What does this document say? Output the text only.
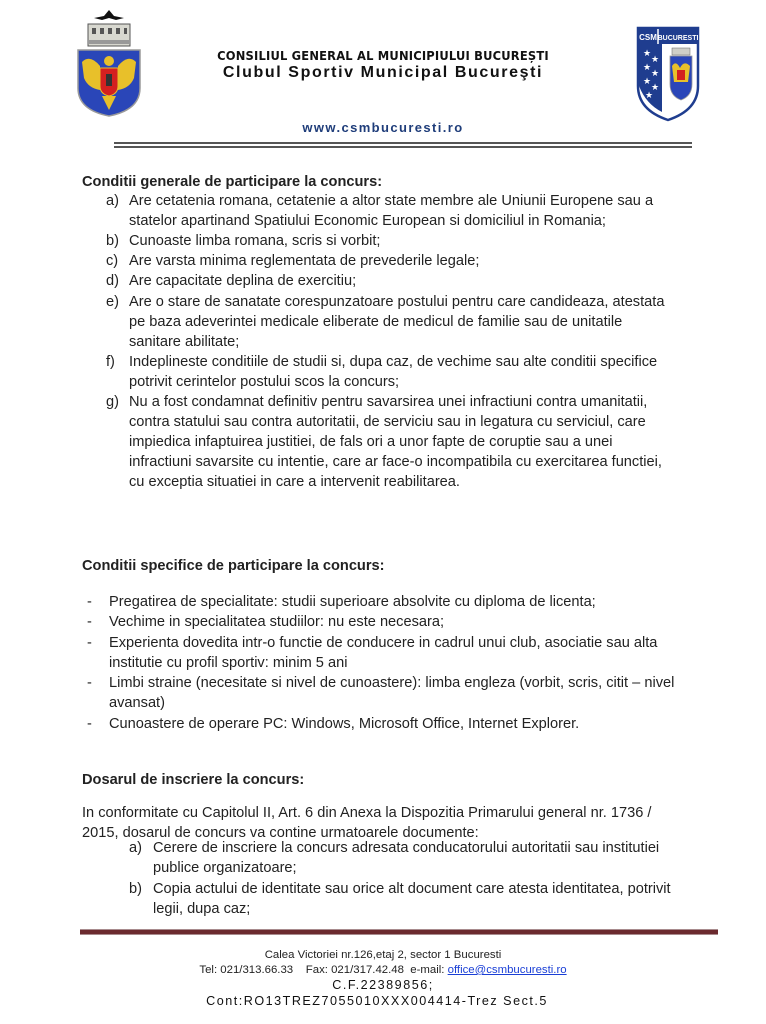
CONSILIUL GENERAL AL MUNICIPIULUI BUCUREȘTI
Clubul Sportiv Municipal Bucureşti
www.csmbucuresti.ro
CSM BUCURESTI
★
★
★
★
★
★
★
Conditii generale de participare la concurs:
a) Are cetatenia romana, cetatenie a altor state membre ale Uniunii Europene sau a
statelor apartinand Spatiului Economic European si domiciliul in Romania;
b) Cunoaste limba romana, scris si vorbit;
c) Are varsta minima reglementata de prevederile legale;
d) Are capacitate deplina de exercitiu;
e) Are o stare de sanatate corespunzatoare postului pentru care candideaza, atestata
pe baza adeverintei medicale eliberate de medicul de familie sau de unitatile
sanitare abilitate;
f) Indeplineste conditiile de studii si, dupa caz, de vechime sau alte conditii specifice
potrivit cerintelor postului scos la concurs;
g) Nu a fost condamnat definitiv pentru savarsirea unei infractiuni contra umanitatii,
contra statului sau contra autoritatii, de serviciu sau in legatura cu serviciul, care
impiedica infaptuirea justitiei, de fals ori a unor fapte de coruptie sau a unei
infractiuni savarsite cu intentie, care ar face-o incompatibila cu exercitarea functiei,
cu exceptia situatiei in care a intervenit reabilitarea.
Conditii specifice de participare la concurs:
- Pregatirea de specialitate: studii superioare absolvite cu diploma de licenta;
- Vechime in specialitatea studiilor: nu este necesara;
- Experienta dovedita intr-o functie de conducere in cadrul unui club, asociatie sau alta
institutie cu profil sportiv: minim 5 ani
- Limbi straine (necesitate si nivel de cunoastere): limba engleza (vorbit, scris, citit – nivel
avansat)
- Cunoastere de operare PC: Windows, Microsoft Office, Internet Explorer.
Dosarul de inscriere la concurs:
In conformitate cu Capitolul II, Art. 6 din Anexa la Dispozitia Primarului general nr. 1736 /
2015, dosarul de concurs va contine urmatoarele documente:
a) Cerere de inscriere la concurs adresata conducatorului autoritatii sau institutiei
publice organizatoare;
b) Copia actului de identitate sau orice alt document care atesta identitatea, potrivit
legii, dupa caz;
Calea Victoriei nr.126,etaj 2, sector 1 Bucuresti
Tel: 021/313.66.33    Fax: 021/317.42.48  e-mail: office@csmbucuresti.ro
C.F.22389856;
Cont:RO13TREZ7055010XXX004414-Trez Sect.5
